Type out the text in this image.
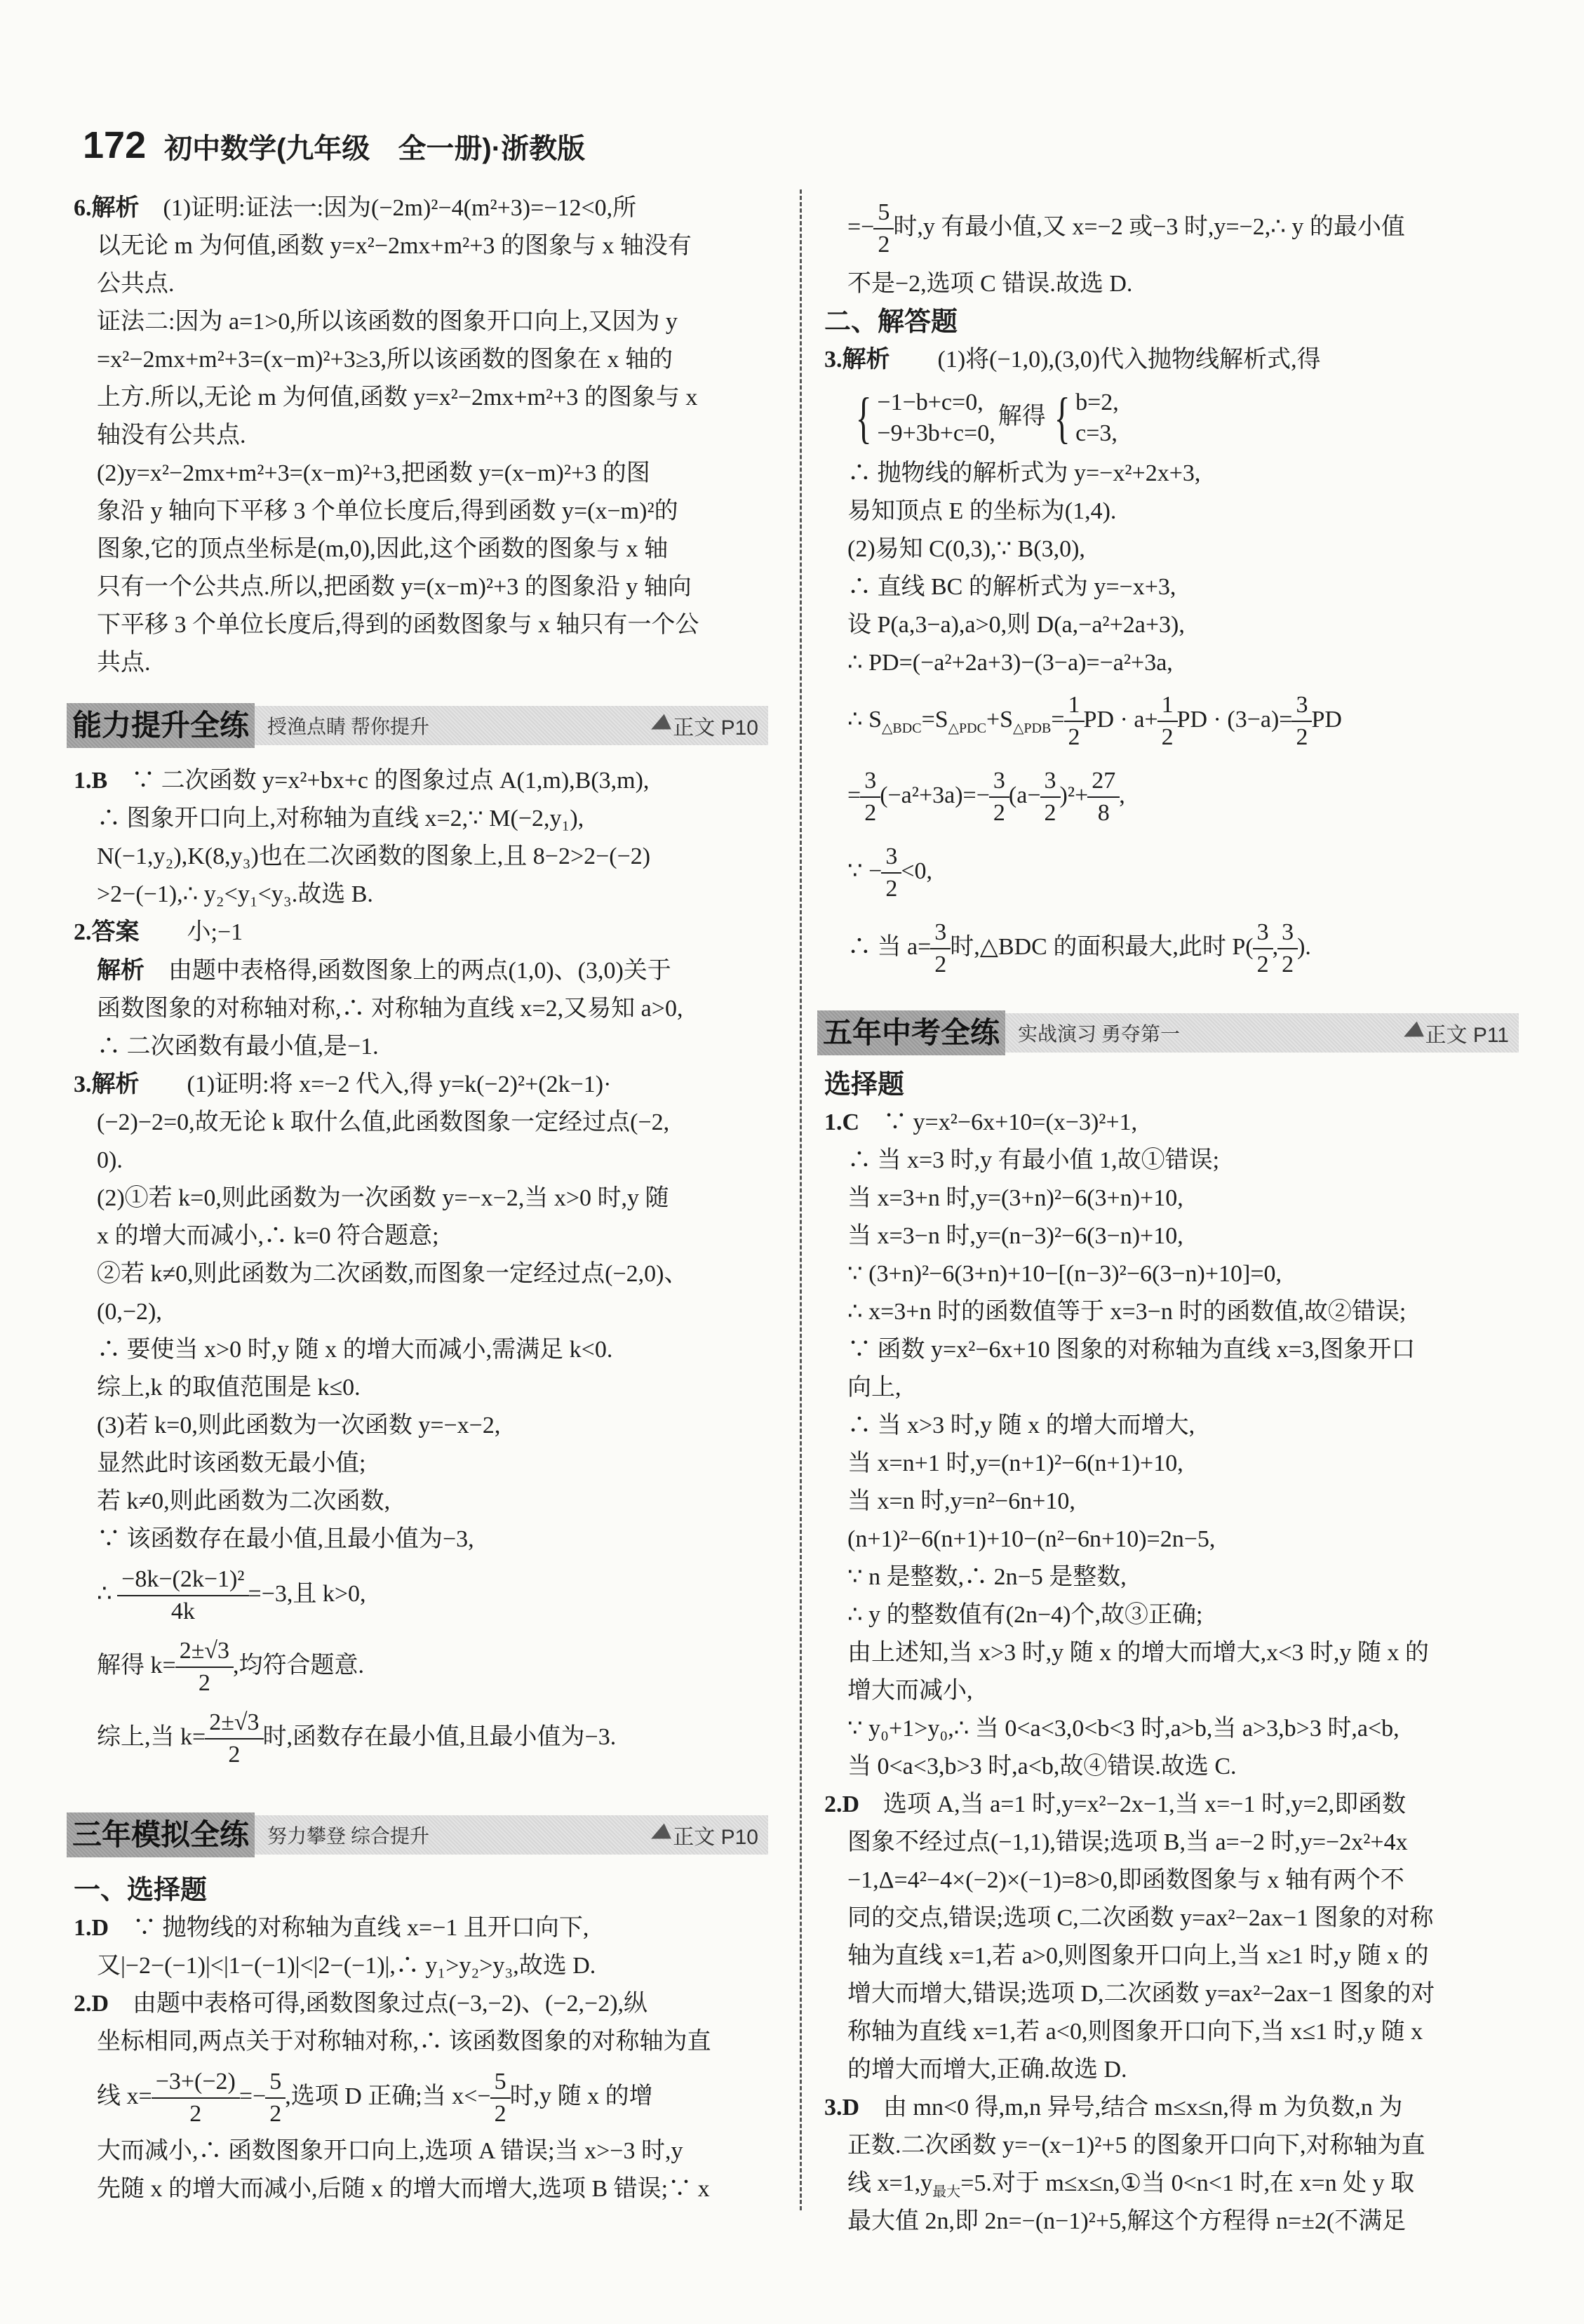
172 初中数学(九年级　全一册)·浙教版
6.解析　(1)证明:证法一:因为(−2m)²−4(m²+3)=−12<0,所
以无论 m 为何值,函数 y=x²−2mx+m²+3 的图象与 x 轴没有
公共点.
证法二:因为 a=1>0,所以该函数的图象开口向上,又因为 y
=x²−2mx+m²+3=(x−m)²+3≥3,所以该函数的图象在 x 轴的
上方.所以,无论 m 为何值,函数 y=x²−2mx+m²+3 的图象与 x
轴没有公共点.
(2)y=x²−2mx+m²+3=(x−m)²+3,把函数 y=(x−m)²+3 的图
象沿 y 轴向下平移 3 个单位长度后,得到函数 y=(x−m)²的
图象,它的顶点坐标是(m,0),因此,这个函数的图象与 x 轴
只有一个公共点.所以,把函数 y=(x−m)²+3 的图象沿 y 轴向
下平移 3 个单位长度后,得到的函数图象与 x 轴只有一个公
共点.
能力提升全练 授渔点睛 帮你提升	正文 P10
1.B　∵ 二次函数 y=x²+bx+c 的图象过点 A(1,m),B(3,m),
∴ 图象开口向上,对称轴为直线 x=2,∵ M(−2,y₁),
N(−1,y₂),K(8,y₃)也在二次函数的图象上,且 8−2>2−(−2)
>2−(−1),∴ y₂<y₁<y₃.故选 B.
2.答案　　小;−1
解析　由题中表格得,函数图象上的两点(1,0)、(3,0)关于
函数图象的对称轴对称,∴ 对称轴为直线 x=2,又易知 a>0,
∴ 二次函数有最小值,是−1.
3.解析　　(1)证明:将 x=−2 代入,得 y=k(−2)²+(2k−1)·
(−2)−2=0,故无论 k 取什么值,此函数图象一定经过点(−2,
0).
(2)①若 k=0,则此函数为一次函数 y=−x−2,当 x>0 时,y 随
x 的增大而减小,∴ k=0 符合题意;
②若 k≠0,则此函数为二次函数,而图象一定经过点(−2,0)、
(0,−2),
∴ 要使当 x>0 时,y 随 x 的增大而减小,需满足 k<0.
综上,k 的取值范围是 k≤0.
(3)若 k=0,则此函数为一次函数 y=−x−2,
显然此时该函数无最小值;
若 k≠0,则此函数为二次函数,
∵ 该函数存在最小值,且最小值为−3,
∴ $\frac{\text{−8k−(2k−1)²}}{4k} =-3$,且 k>0,
解得 $k= \frac{2\pm√3}{2}$ ,均符合题意.
综上,当 $k= \frac{2\pm√3}{2}$ 时,函数存在最小值,且最小值为−3.
三年模拟全练 努力攀登 综合提升	正文 P10
一、选择题
1.D　∵ 抛物线的对称轴为直线 x=−1 且开口向下,
又|−2−(−1)|<|1−(−1)|<|2−(−1)|,∴ y₁>y₂>y₃,故选 D.
2.D　由题中表格可得,函数图象过点(−3,−2)、(−2,−2),纵
坐标相同,两点关于对称轴对称,∴ 该函数图象的对称轴为直
线 $x= \frac{-3+(-2)}{2} =- \frac{5}{2}$ ,选项 D 正确;当 $x<- \frac{5}{2}$ 时,y 随 x 的增
大而减小,∴ 函数图象开口向上,选项 A 错误;当 x>−3 时,y
先随 x 的增大而减小,后随 x 的增大而增大,选项 B 错误;∵ x
=− $\frac{5}{2}$ 时,y 有最小值,又 x=−2 或−3 时,y=−2,∴ y 的最小值
不是−2,选项 C 错误.故选 D.
二、解答题
3.解析　　(1)将(−1,0),(3,0)代入抛物线解析式,得
{ −1−b+c=0,
−9+3b+c=0,
解得 { b=2,
c=3,
∴ 抛物线的解析式为 y=−x²+2x+3,
易知顶点 E 的坐标为(1,4).
(2)易知 C(0,3),∵ B(3,0),
∴ 直线 BC 的解析式为 y=−x+3,
设 P(a,3−a),a>0,则 D(a,−a²+2a+3),
∴ PD=(−a²+2a+3)−(3−a)=−a²+3a,
∴ $S_{\triangle BDC}=S_{\triangle PDC}+S_{\triangle PDB}= \frac{1}{2}$ PD · $a+ \frac{1}{2}$ PD · $(3-a)= \frac{3}{2}$ PD
= $\frac{3}{2} (-a^2+3a)=- \frac{3}{2} (a- \frac{3}{2} )^2+ \frac{27}{8}$ ,
∵ − $\frac{3}{2} <0$,
∴ 当 $a= \frac{3}{2}$ 时,△BDC 的面积最大,此时 $P( \frac{3}{2}$ , $\frac{3}{2}$ ).
五年中考全练 实战演习 勇夺第一	正文 P11
选择题
1.C　∵ y=x²−6x+10=(x−3)²+1,
∴ 当 x=3 时,y 有最小值 1,故①错误;
当 x=3+n 时,y=(3+n)²−6(3+n)+10,
当 x=3−n 时,y=(n−3)²−6(3−n)+10,
∵ (3+n)²−6(3+n)+10−[(n−3)²−6(3−n)+10]=0,
∴ x=3+n 时的函数值等于 x=3−n 时的函数值,故②错误;
∵ 函数 y=x²−6x+10 图象的对称轴为直线 x=3,图象开口
向上,
∴ 当 x>3 时,y 随 x 的增大而增大,
当 x=n+1 时,y=(n+1)²−6(n+1)+10,
当 x=n 时,y=n²−6n+10,
(n+1)²−6(n+1)+10−(n²−6n+10)=2n−5,
∵ n 是整数,∴ 2n−5 是整数,
∴ y 的整数值有(2n−4)个,故③正确;
由上述知,当 x>3 时,y 随 x 的增大而增大,x<3 时,y 随 x 的
增大而减小,
∵ y₀+1>y₀,∴ 当 0<a<3,0<b<3 时,a>b,当 a>3,b>3 时,a<b,
当 0<a<3,b>3 时,a<b,故④错误.故选 C.
2.D　选项 A,当 a=1 时,y=x²−2x−1,当 x=−1 时,y=2,即函数
图象不经过点(−1,1),错误;选项 B,当 a=−2 时,y=−2x²+4x
−1,Δ=4²−4×(−2)×(−1)=8>0,即函数图象与 x 轴有两个不
同的交点,错误;选项 C,二次函数 y=ax²−2ax−1 图象的对称
轴为直线 x=1,若 a>0,则图象开口向上,当 x≥1 时,y 随 x 的
增大而增大,错误;选项 D,二次函数 y=ax²−2ax−1 图象的对
称轴为直线 x=1,若 a<0,则图象开口向下,当 x≤1 时,y 随 x
的增大而增大,正确.故选 D.
3.D　由 mn<0 得,m,n 异号,结合 m≤x≤n,得 m 为负数,n 为
正数.二次函数 y=−(x−1)²+5 的图象开口向下,对称轴为直
线 $x=1,y_{最大}=5$.对于 m≤x≤n,①当 0<n<1 时,在 x=n 处 y 取
最大值 2n,即 2n=−(n−1)²+5,解这个方程得 n=±2(不满足
